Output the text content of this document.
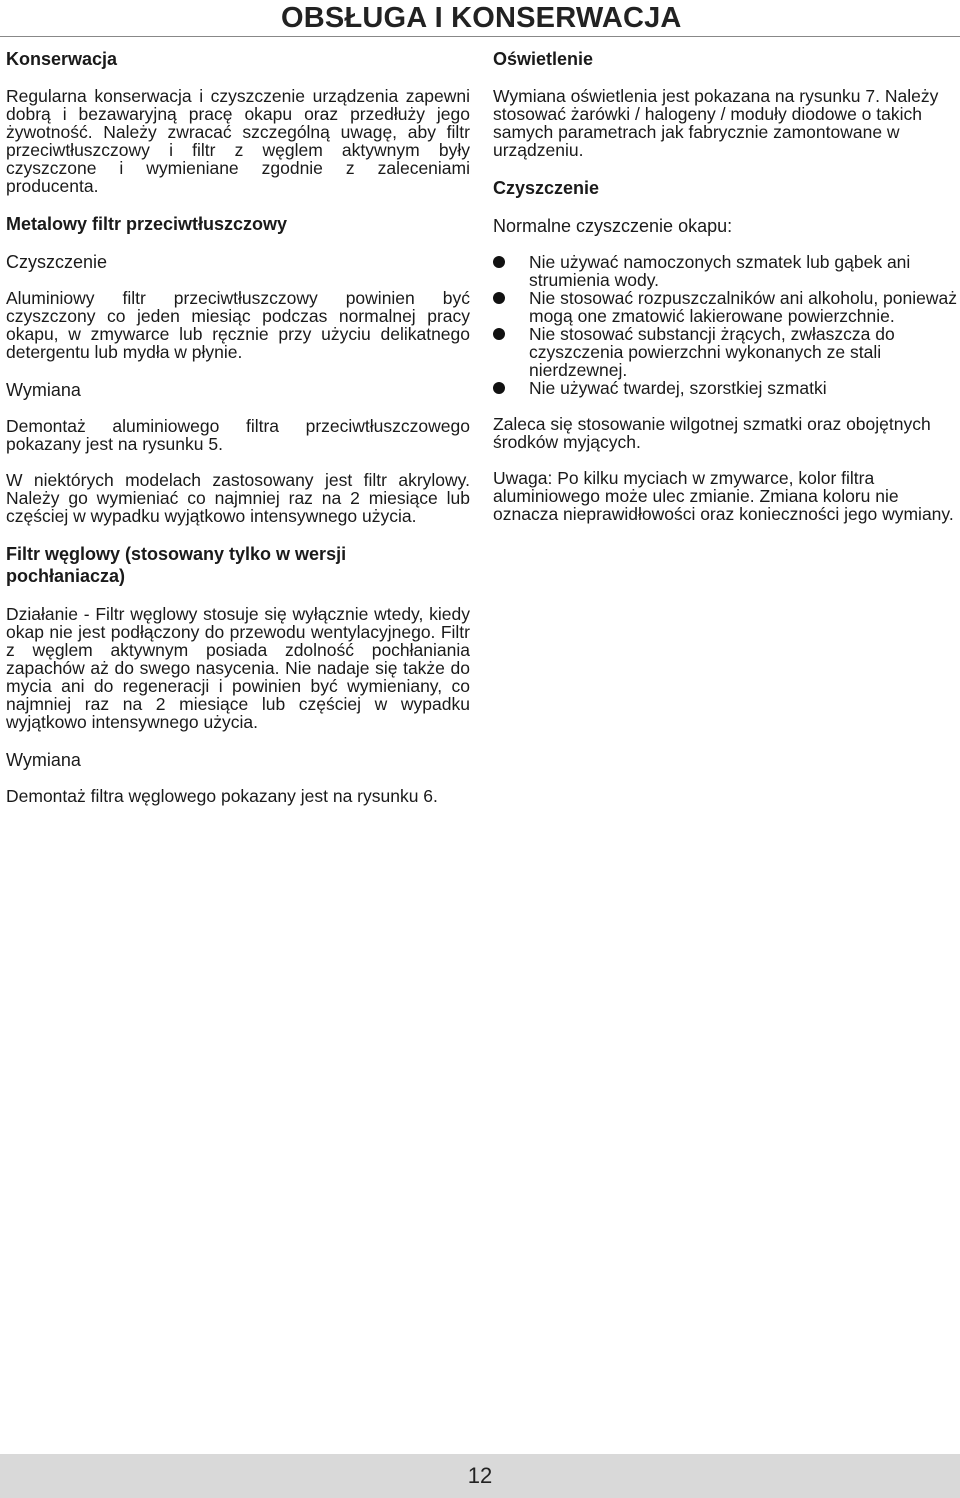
OBSŁUGA I KONSERWACJA
Konserwacja

Regularna konserwacja i czyszczenie urządzenia zapewni dobrą i bezawaryjną pracę okapu oraz przedłuży jego żywotność. Należy zwracać szczególną uwagę, aby filtr przeciwtłuszczowy i filtr z węglem aktywnym były czyszczone i wymieniane zgodnie z zaleceniami producenta.

Metalowy filtr przeciwtłuszczowy
Czyszczenie

Aluminiowy filtr przeciwtłuszczowy powinien być czyszczony co jeden miesiąc podczas normalnej pracy okapu, w zmywarce lub ręcznie przy użyciu delikatnego detergentu lub mydła w płynie.

Wymiana

Demontaż aluminiowego filtra przeciwtłuszczowego pokazany jest na rysunku 5.

W niektórych modelach zastosowany jest filtr akrylowy. Należy go wymieniać co najmniej raz na 2 miesiące lub częściej w wypadku wyjątkowo intensywnego użycia.

Filtr węglowy (stosowany tylko w wersji pochłaniacza)

Działanie - Filtr węglowy stosuje się wyłącznie wtedy, kiedy okap nie jest podłączony do przewodu wentylacyjnego. Filtr z węglem aktywnym posiada zdolność pochłaniania zapachów aż do swego nasycenia. Nie nadaje się także do mycia ani do regeneracji i powinien być wymieniany, co najmniej raz na 2 miesiące lub częściej w wypadku wyjątkowo intensywnego użycia.

Wymiana

Demontaż filtra węglowego pokazany jest na rysunku 6.

Oświetlenie

Wymiana oświetlenia jest pokazana na rysunku 7. Należy stosować żarówki / halogeny / moduły diodowe o takich samych parametrach jak fabrycznie zamontowane w urządzeniu.

Czyszczenie
Normalne czyszczenie okapu:
Nie używać namoczonych szmatek lub gąbek ani strumienia wody.
Nie stosować rozpuszczalników ani alkoholu, ponieważ mogą one zmatowić lakierowane powierzchnie.
Nie stosować substancji żrących, zwłaszcza do czyszczenia powierzchni wykonanych ze stali nierdzewnej.
Nie używać twardej, szorstkiej szmatki

Zaleca się stosowanie wilgotnej szmatki oraz obojętnych środków myjących.

Uwaga: Po kilku myciach w zmywarce, kolor filtra aluminiowego może ulec zmianie. Zmiana koloru nie oznacza nieprawidłowości oraz konieczności jego wymiany.

12
